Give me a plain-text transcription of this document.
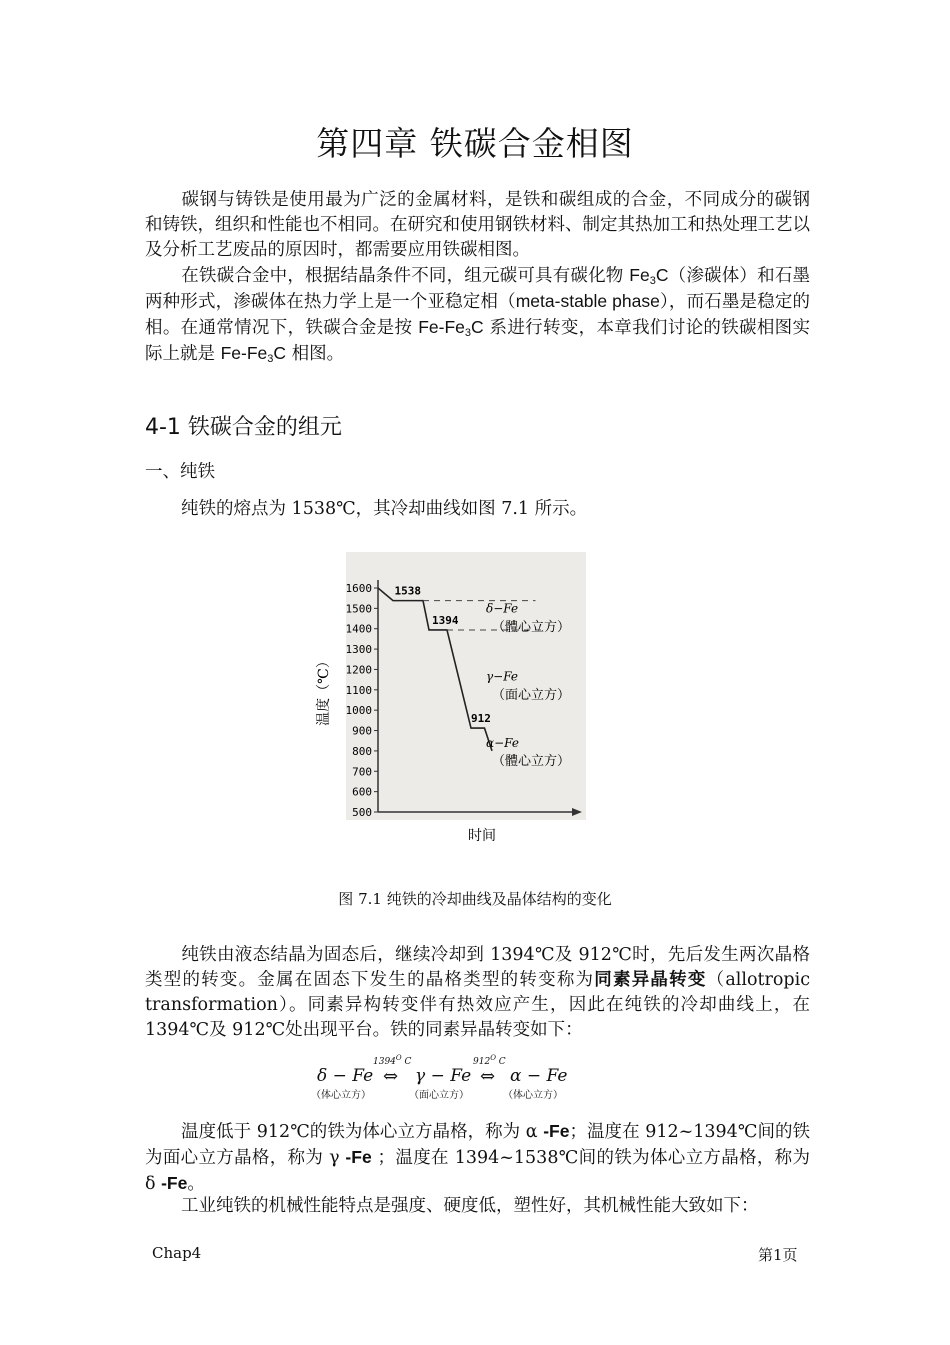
第四章 铁碳合金相图
碳钢与铸铁是使用最为广泛的金属材料，是铁和碳组成的合金，不同成分的碳钢和铸铁，组织和性能也不相同。在研究和使用钢铁材料、制定其热加工和热处理工艺以及分析工艺废品的原因时，都需要应用铁碳相图。
在铁碳合金中，根据结晶条件不同，组元碳可具有碳化物 $Fe_3C$（渗碳体）和石墨两种形式，渗碳体在热力学上是一个亚稳定相（meta-stable phase），而石墨是稳定的相。在通常情况下，铁碳合金是按 $Fe-Fe_3C$ 系进行转变，本章我们讨论的铁碳相图实际上就是 $Fe-Fe_3C$ 相图。
4-1 铁碳合金的组元
一、纯铁
纯铁的熔点为 1538℃，其冷却曲线如图 7.1 所示。
1600
1500
1400
1300
1200
1100
1000
900
800
700
600
500
1538
1394
912
δ−Fe
（體心立方）
γ−Fe
（面心立方）
α−Fe
（體心立方）
温度（℃）
时间
图 7.1 纯铁的冷却曲线及晶体结构的变化
纯铁由液态结晶为固态后，继续冷却到 1394℃及 912℃时，先后发生两次晶格类型的转变。金属在固态下发生的晶格类型的转变称为同素异晶转变（allotropic transformation）。同素异构转变伴有热效应产生，因此在纯铁的冷却曲线上，在 1394℃及 912℃处出现平台。铁的同素异晶转变如下：
$1394^O$ C	$912^O$ C
δ − Fe ⇔ γ − Fe ⇔ α − Fe
（体心立方）	（面心立方）	（体心立方）
温度低于 912℃的铁为体心立方晶格，称为 α -Fe；温度在 912~1394℃间的铁为面心立方晶格，称为 γ -Fe ；温度在 1394~1538℃间的铁为体心立方晶格，称为 δ -Fe。
工业纯铁的机械性能特点是强度、硬度低，塑性好，其机械性能大致如下：
Chap4	第1页
